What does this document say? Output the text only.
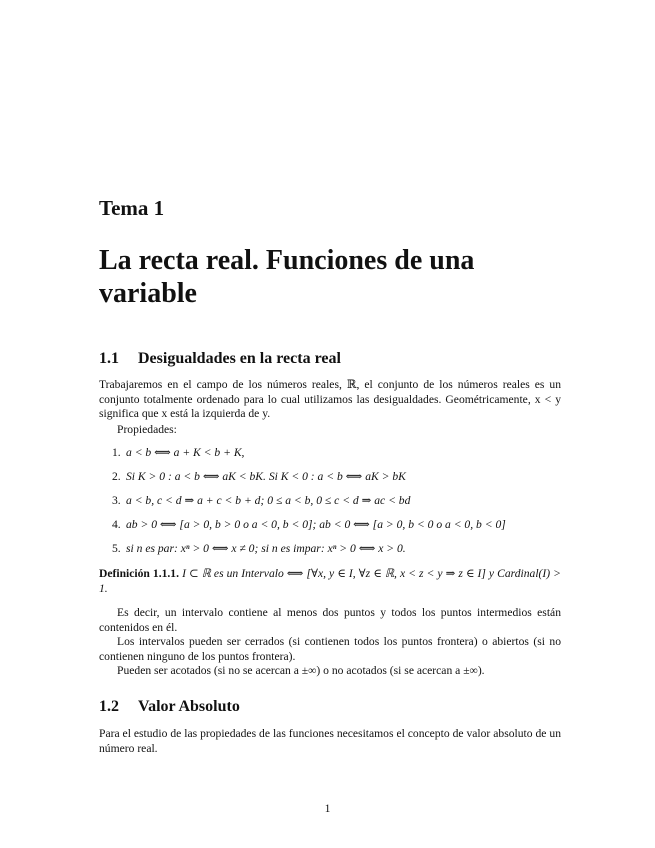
Tema 1
La recta real. Funciones de una variable
1.1 Desigualdades en la recta real
Trabajaremos en el campo de los números reales, ℝ, el conjunto de los números reales es un conjunto totalmente ordenado para lo cual utilizamos las desigualdades. Geométricamente, x < y significa que x está la izquierda de y.
Propiedades:
1. a < b ⟺ a + K < b + K,
2. Si K > 0 : a < b ⟺ aK < bK. Si K < 0 : a < b ⟺ aK > bK
3. a < b, c < d ⇒ a + c < b + d; 0 ≤ a < b, 0 ≤ c < d ⇒ ac < bd
4. ab > 0 ⟺ [a > 0, b > 0 o a < 0, b < 0]; ab < 0 ⟺ [a > 0, b < 0 o a < 0, b < 0]
5. si n es par: xⁿ > 0 ⟺ x ≠ 0; si n es impar: xⁿ > 0 ⟺ x > 0.
Definición 1.1.1. I ⊂ ℝ es un Intervalo ⟺ [∀x, y ∈ I, ∀z ∈ ℝ, x < z < y ⇒ z ∈ I] y Cardinal(I) > 1.
Es decir, un intervalo contiene al menos dos puntos y todos los puntos intermedios están contenidos en él.
Los intervalos pueden ser cerrados (si contienen todos los puntos frontera) o abiertos (si no contienen ninguno de los puntos frontera).
Pueden ser acotados (si no se acercan a ±∞) o no acotados (si se acercan a ±∞).
1.2 Valor Absoluto
Para el estudio de las propiedades de las funciones necesitamos el concepto de valor absoluto de un número real.
1
